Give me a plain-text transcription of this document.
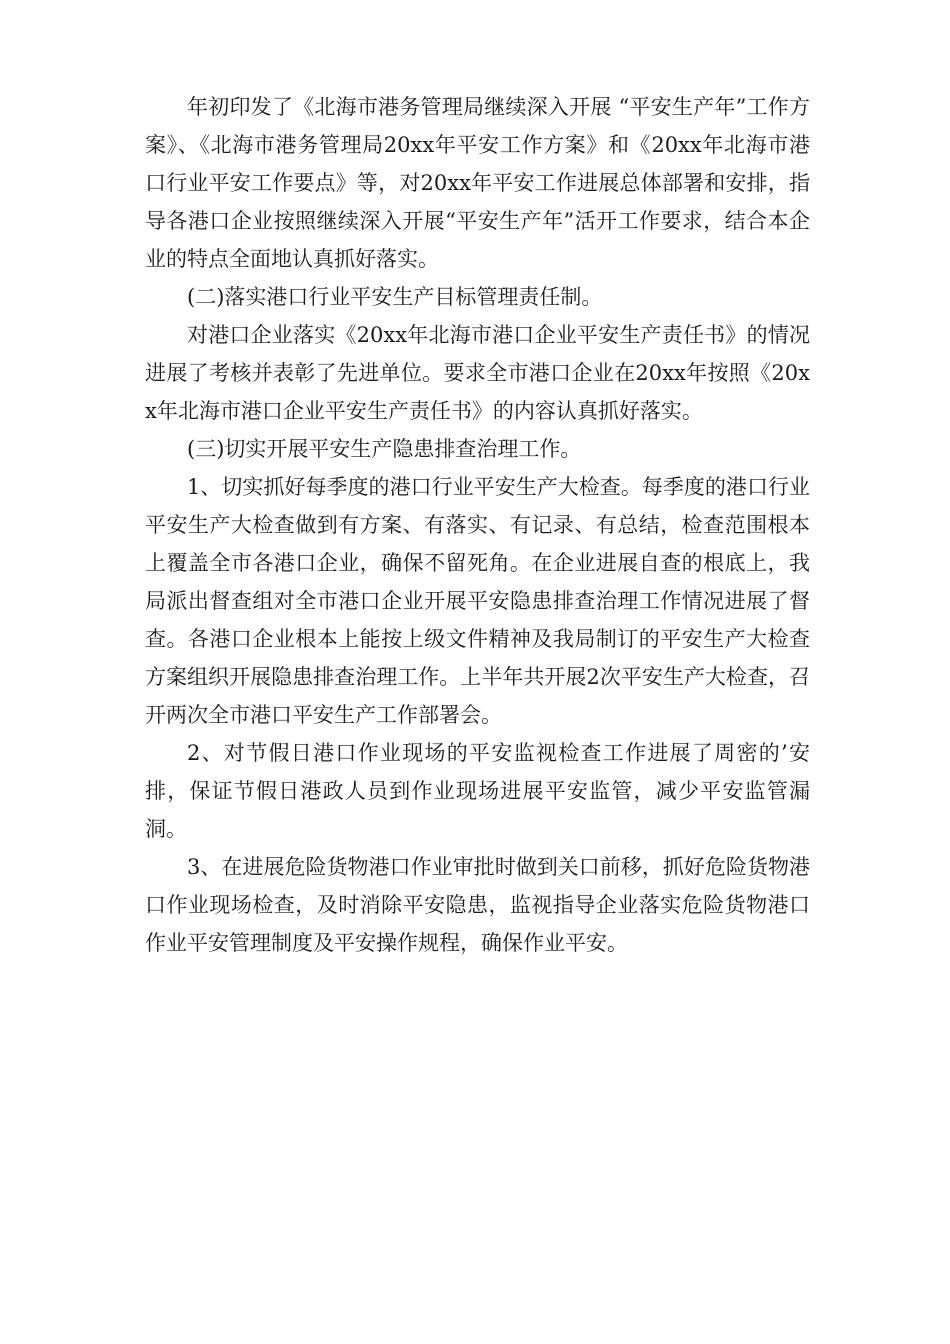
年初印发了《北海市港务管理局继续深入开展 “平安生产年”工作方案》、《北海市港务管理局20xx年平安工作方案》和《20xx年北海市港口行业平安工作要点》等，对20xx年平安工作进展总体部署和安排，指导各港口企业按照继续深入开展“平安生产年”活开工作要求，结合本企业的特点全面地认真抓好落实。

(二)落实港口行业平安生产目标管理责任制。

对港口企业落实《20xx年北海市港口企业平安生产责任书》的情况进展了考核并表彰了先进单位。要求全市港口企业在20xx年按照《20xx年北海市港口企业平安生产责任书》的内容认真抓好落实。

(三)切实开展平安生产隐患排查治理工作。

1、切实抓好每季度的港口行业平安生产大检查。每季度的港口行业平安生产大检查做到有方案、有落实、有记录、有总结，检查范围根本上覆盖全市各港口企业，确保不留死角。在企业进展自查的根底上，我局派出督查组对全市港口企业开展平安隐患排查治理工作情况进展了督查。各港口企业根本上能按上级文件精神及我局制订的平安生产大检查方案组织开展隐患排查治理工作。上半年共开展2次平安生产大检查，召开两次全市港口平安生产工作部署会。

2、对节假日港口作业现场的平安监视检查工作进展了周密的’安排，保证节假日港政人员到作业现场进展平安监管，减少平安监管漏洞。

3、在进展危险货物港口作业审批时做到关口前移，抓好危险货物港口作业现场检查，及时消除平安隐患，监视指导企业落实危险货物港口作业平安管理制度及平安操作规程，确保作业平安。
